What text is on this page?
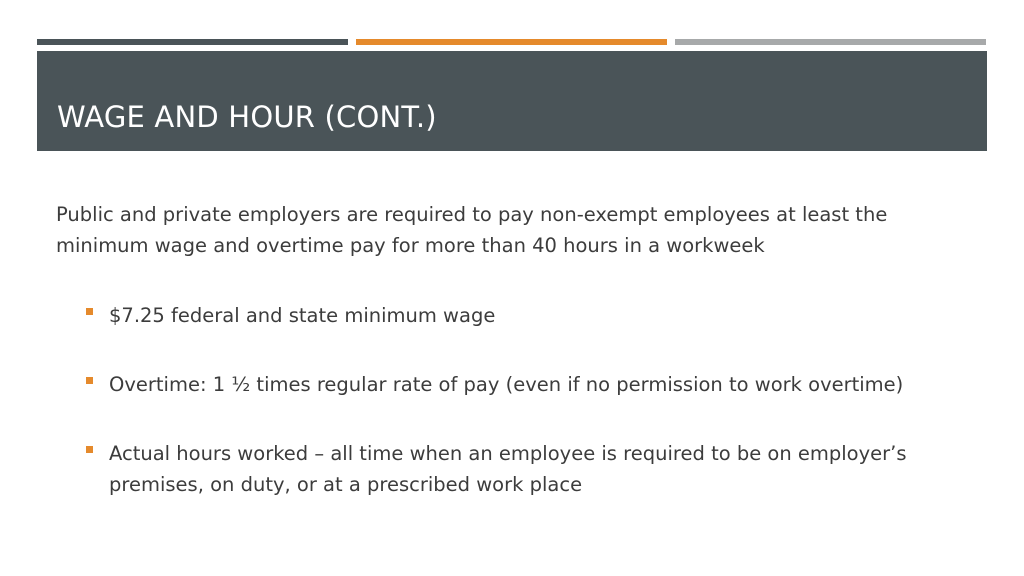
WAGE AND HOUR (CONT.)

Public and private employers are required to pay non-exempt employees at least the minimum wage and overtime pay for more than 40 hours in a workweek

$7.25 federal and state minimum wage
Overtime: 1 ½ times regular rate of pay (even if no permission to work overtime)
Actual hours worked – all time when an employee is required to be on employer’s premises, on duty, or at a prescribed work place
